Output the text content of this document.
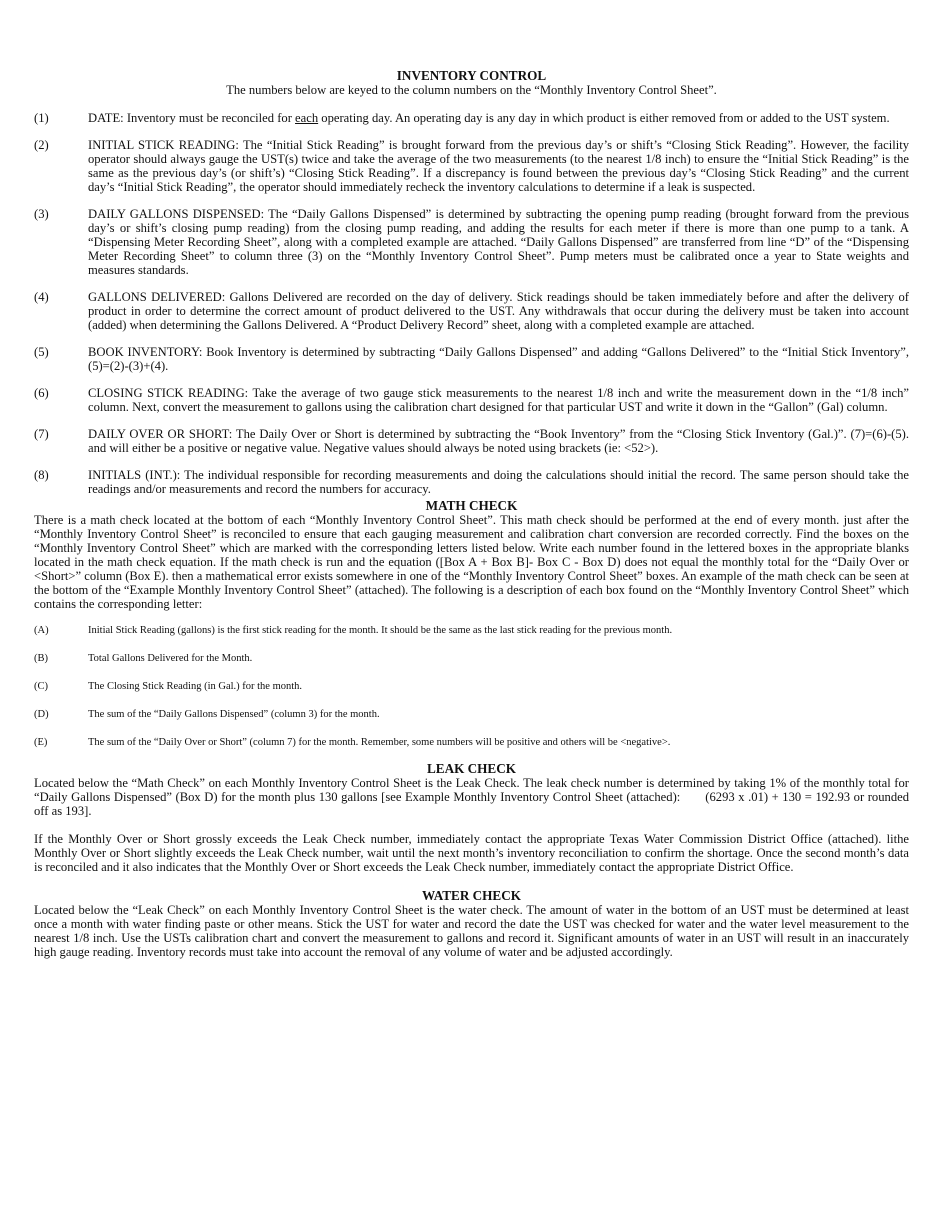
INVENTORY CONTROL
The numbers below are keyed to the column numbers on the “Monthly Inventory Control Sheet”.
(1)	DATE: Inventory must be reconciled for each operating day. An operating day is any day in which product is either removed from or added to the UST system.
(2)	INITIAL STICK READING: The “Initial Stick Reading” is brought forward from the previous day’s or shift’s “Closing Stick Reading”. However, the facility operator should always gauge the UST(s) twice and take the average of the two measurements (to the nearest 1/8 inch) to ensure the “Initial Stick Reading” is the same as the previous day’s (or shift’s) “Closing Stick Reading”. If a discrepancy is found between the previous day’s “Closing Stick Reading” and the current day’s “Initial Stick Reading”, the operator should immediately recheck the inventory calculations to determine if a leak is suspected.
(3)	DAILY GALLONS DISPENSED: The “Daily Gallons Dispensed” is determined by subtracting the opening pump reading (brought forward from the previous day’s or shift’s closing pump reading) from the closing pump reading, and adding the results for each meter if there is more than one pump to a tank. A “Dispensing Meter Recording Sheet”, along with a completed example are attached. “Daily Gallons Dispensed” are transferred from line “D” of the “Dispensing Meter Recording Sheet” to column three (3) on the “Monthly Inventory Control Sheet”. Pump meters must be calibrated once a year to State weights and measures standards.
(4)	GALLONS DELIVERED: Gallons Delivered are recorded on the day of delivery. Stick readings should be taken immediately before and after the delivery of product in order to determine the correct amount of product delivered to the UST. Any withdrawals that occur during the delivery must be taken into account (added) when determining the Gallons Delivered. A “Product Delivery Record” sheet, along with a completed example are attached.
(5)	BOOK INVENTORY: Book Inventory is determined by subtracting “Daily Gallons Dispensed” and adding “Gallons Delivered” to the “Initial Stick Inventory”, (5)=(2)-(3)+(4).
(6)	CLOSING STICK READING: Take the average of two gauge stick measurements to the nearest 1/8 inch and write the measurement down in the “1/8 inch” column. Next, convert the measurement to gallons using the calibration chart designed for that particular UST and write it down in the “Gallon” (Gal) column.
(7)	DAILY OVER OR SHORT: The Daily Over or Short is determined by subtracting the “Book Inventory” from the “Closing Stick Inventory (Gal.)”. (7)=(6)-(5). and will either be a positive or negative value. Negative values should always be noted using brackets (ie: <52>).
(8)	INITIALS (INT.): The individual responsible for recording measurements and doing the calculations should initial the record. The same person should take the readings and/or measurements and record the numbers for accuracy.
MATH CHECK
There is a math check located at the bottom of each “Monthly Inventory Control Sheet”. This math check should be performed at the end of every month. just after the “Monthly Inventory Control Sheet” is reconciled to ensure that each gauging measurement and calibration chart conversion are recorded correctly. Find the boxes on the “Monthly Inventory Control Sheet” which are marked with the corresponding letters listed below. Write each number found in the lettered boxes in the appropriate blanks located in the math check equation. If the math check is run and the equation ([Box A + Box B]- Box C - Box D) does not equal the monthly total for the “Daily Over or <Short>” column (Box E). then a mathematical error exists somewhere in one of the “Monthly Inventory Control Sheet” boxes. An example of the math check can be seen at the bottom of the “Example Monthly Inventory Control Sheet” (attached). The following is a description of each box found on the “Monthly Inventory Control Sheet” which contains the corresponding letter:
(A)	Initial Stick Reading (gallons) is the first stick reading for the month. It should be the same as the last stick reading for the previous month.
(B)	Total Gallons Delivered for the Month.
(C)	The Closing Stick Reading (in Gal.) for the month.
(D)	The sum of the “Daily Gallons Dispensed” (column 3) for the month.
(E)	The sum of the “Daily Over or Short” (column 7) for the month. Remember, some numbers will be positive and others will be <negative>.
LEAK CHECK
Located below the “Math Check” on each Monthly Inventory Control Sheet is the Leak Check. The leak check number is determined by taking 1% of the monthly total for “Daily Gallons Dispensed” (Box D) for the month plus 130 gallons [see Example Monthly Inventory Control Sheet (attached):       (6293 x .01) + 130 = 192.93 or rounded off as 193].
If the Monthly Over or Short grossly exceeds the Leak Check number, immediately contact the appropriate Texas Water Commission District Office (attached). lithe Monthly Over or Short slightly exceeds the Leak Check number, wait until the next month’s inventory reconciliation to confirm the shortage. Once the second month’s data is reconciled and it also indicates that the Monthly Over or Short exceeds the Leak Check number, immediately contact the appropriate District Office.
WATER CHECK
Located below the “Leak Check” on each Monthly Inventory Control Sheet is the water check. The amount of water in the bottom of an UST must be determined at least once a month with water finding paste or other means. Stick the UST for water and record the date the UST was checked for water and the water level measurement to the nearest 1/8 inch. Use the USTs calibration chart and convert the measurement to gallons and record it. Significant amounts of water in an UST will result in an inaccurately high gauge reading. Inventory records must take into account the removal of any volume of water and be adjusted accordingly.
